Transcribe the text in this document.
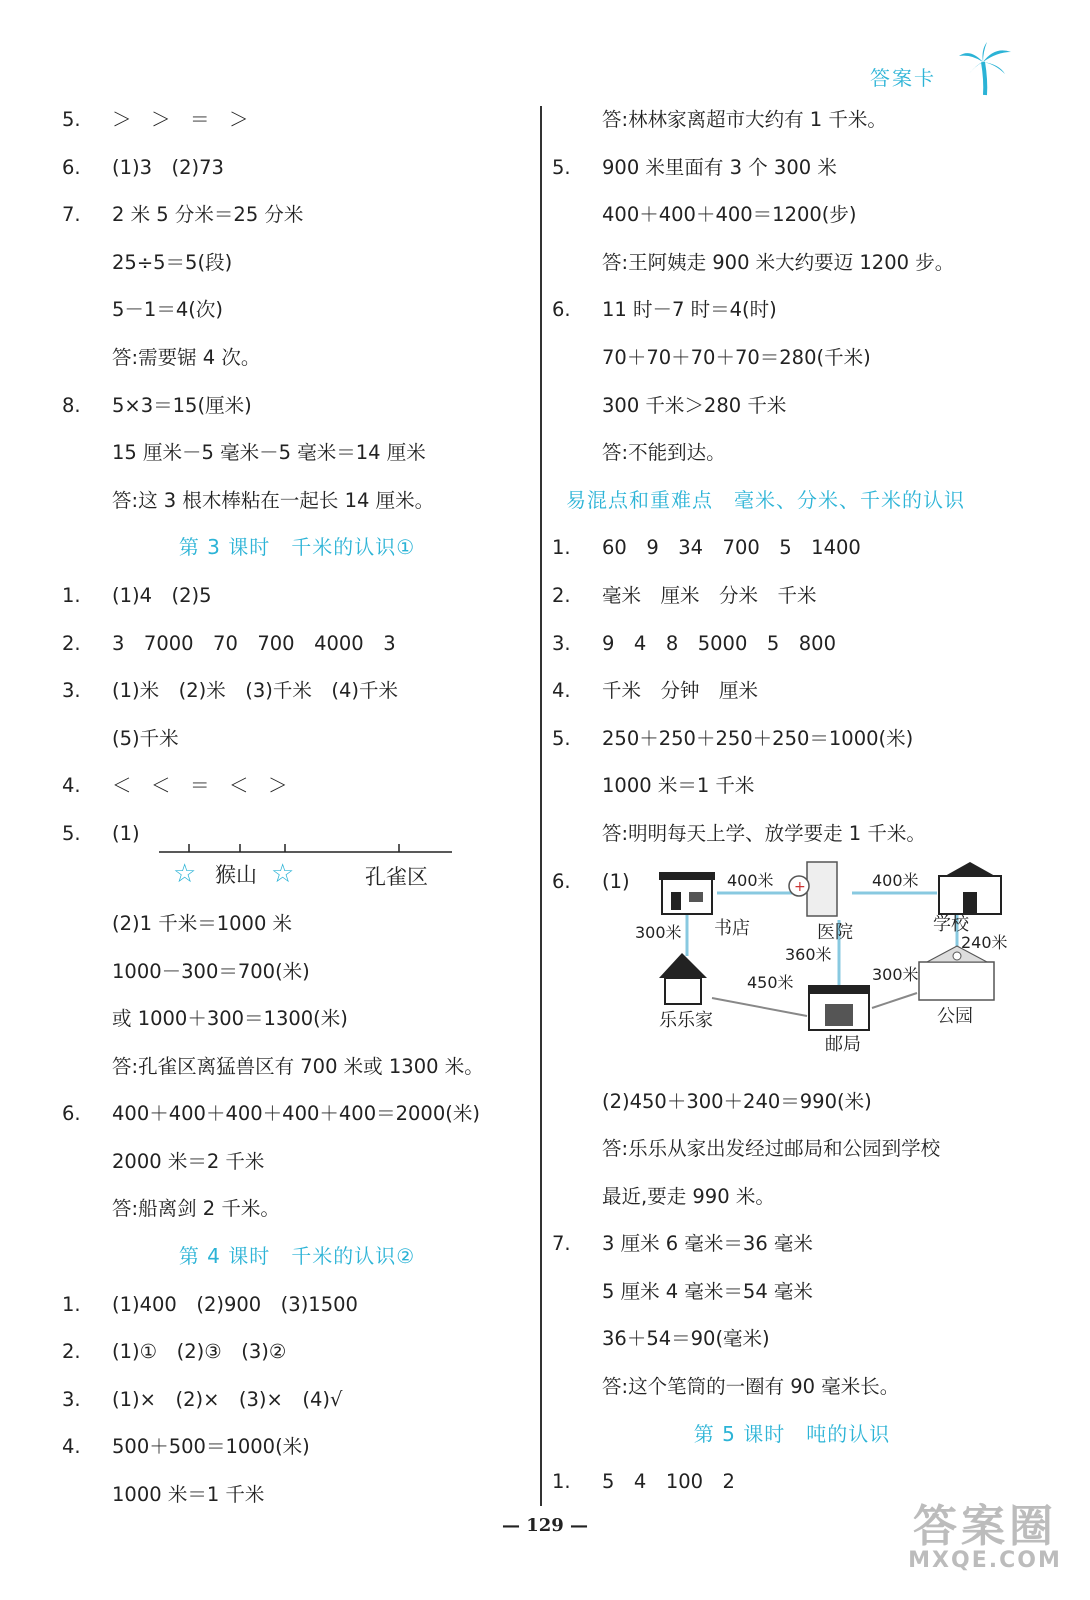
答案卡
5.	＞　＞　＝　＞
6.	(1)3　(2)73
7.	2 米 5 分米＝25 分米
25÷5＝5(段)
5－1＝4(次)
答:需要锯 4 次。
8.	5×3＝15(厘米)
15 厘米－5 毫米－5 毫米＝14 厘米
答:这 3 根木棒粘在一起长 14 厘米。
第 3 课时　千米的认识①
1.	(1)4　(2)5
2.	3　7000　70　700　4000　3
3.	(1)米　(2)米　(3)千米　(4)千米
(5)千米
4.	＜　＜　＝　＜　＞
5.	(1)
☆ 猴山 ☆	孔雀区
(2)1 千米＝1000 米
1000－300＝700(米)
或 1000＋300＝1300(米)
答:孔雀区离猛兽区有 700 米或 1300 米。
6.	400＋400＋400＋400＋400＝2000(米)
2000 米＝2 千米
答:船离剑 2 千米。
第 4 课时　千米的认识②
1.	(1)400　(2)900　(3)1500
2.	(1)①　(2)③　(3)②
3.	(1)×　(2)×　(3)×　(4)√
4.	500＋500＝1000(米)
1000 米＝1 千米
答:林林家离超市大约有 1 千米。
5.	900 米里面有 3 个 300 米
400＋400＋400＝1200(步)
答:王阿姨走 900 米大约要迈 1200 步。
6.	11 时－7 时＝4(时)
70＋70＋70＋70＝280(千米)
300 千米＞280 千米
答:不能到达。
易混点和重难点　毫米、分米、千米的认识
1.	60　9　34　700　5　1400
2.	毫米　厘米　分米　千米
3.	9　4　8　5000　5　800
4.	千米　分钟　厘米
5.	250＋250＋250＋250＝1000(米)
1000 米＝1 千米
答:明明每天上学、放学要走 1 千米。
6.	(1)	+
书店	医院	学校
乐乐家
邮局
公园
400米	400米
300米
360米
240米
450米	300米
(2)450＋300＋240＝990(米)
答:乐乐从家出发经过邮局和公园到学校
最近,要走 990 米。
7.	3 厘米 6 毫米＝36 毫米
5 厘米 4 毫米＝54 毫米
36＋54＝90(毫米)
答:这个笔筒的一圈有 90 毫米长。
第 5 课时　吨的认识
1.	5　4　100　2
— 129 —	答案圈
MXQE.COM
